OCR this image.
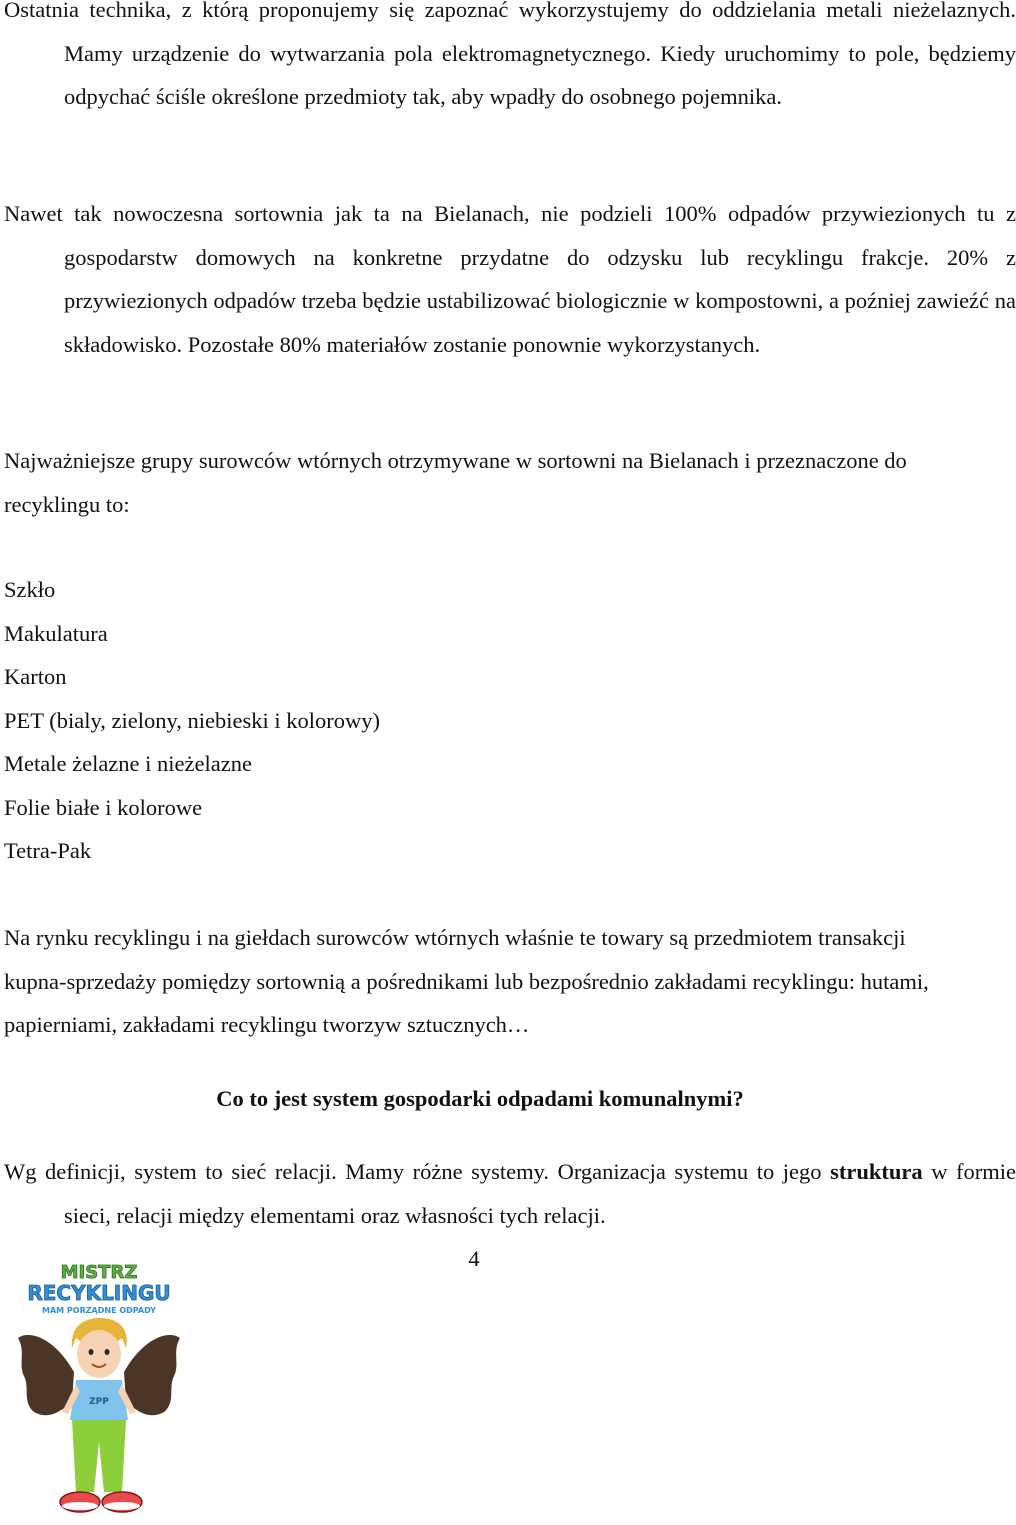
Ostatnia technika, z którą proponujemy się zapoznać wykorzystujemy do oddzielania metali nieżelaznych. Mamy urządzenie do wytwarzania pola elektromagnetycznego. Kiedy uruchomimy to pole, będziemy odpychać ściśle określone przedmioty tak, aby wpadły do osobnego pojemnika.

Nawet tak nowoczesna sortownia jak ta na Bielanach, nie podzieli 100% odpadów przywiezionych tu z gospodarstw domowych na konkretne przydatne do odzysku lub recyklingu frakcje. 20% z przywiezionych odpadów trzeba będzie ustabilizować biologicznie w kompostowni, a poźniej zawieźć na składowisko. Pozostałe 80% materiałów zostanie ponownie wykorzystanych.

Najważniejsze grupy surowców wtórnych otrzymywane w sortowni na Bielanach i przeznaczone do recyklingu to:

Szkło
Makulatura
Karton
PET (bialy, zielony, niebieski i kolorowy)
Metale żelazne i nieżelazne
Folie białe i kolorowe
Tetra-Pak

Na rynku recyklingu i na giełdach surowców wtórnych właśnie te towary są przedmiotem transakcji kupna-sprzedaży pomiędzy sortownią a pośrednikami lub bezpośrednio zakładami recyklingu: hutami, papierniami, zakładami recyklingu tworzyw sztucznych…

Co to jest system gospodarki odpadami komunalnymi?

Wg definicji, system to sieć relacji. Mamy różne systemy. Organizacja systemu to jego struktura w formie sieci, relacji między elementami oraz własności tych relacji.

4
MISTRZ
RECYKLINGU
MAM PORZĄDNE ODPADY
ZPP
